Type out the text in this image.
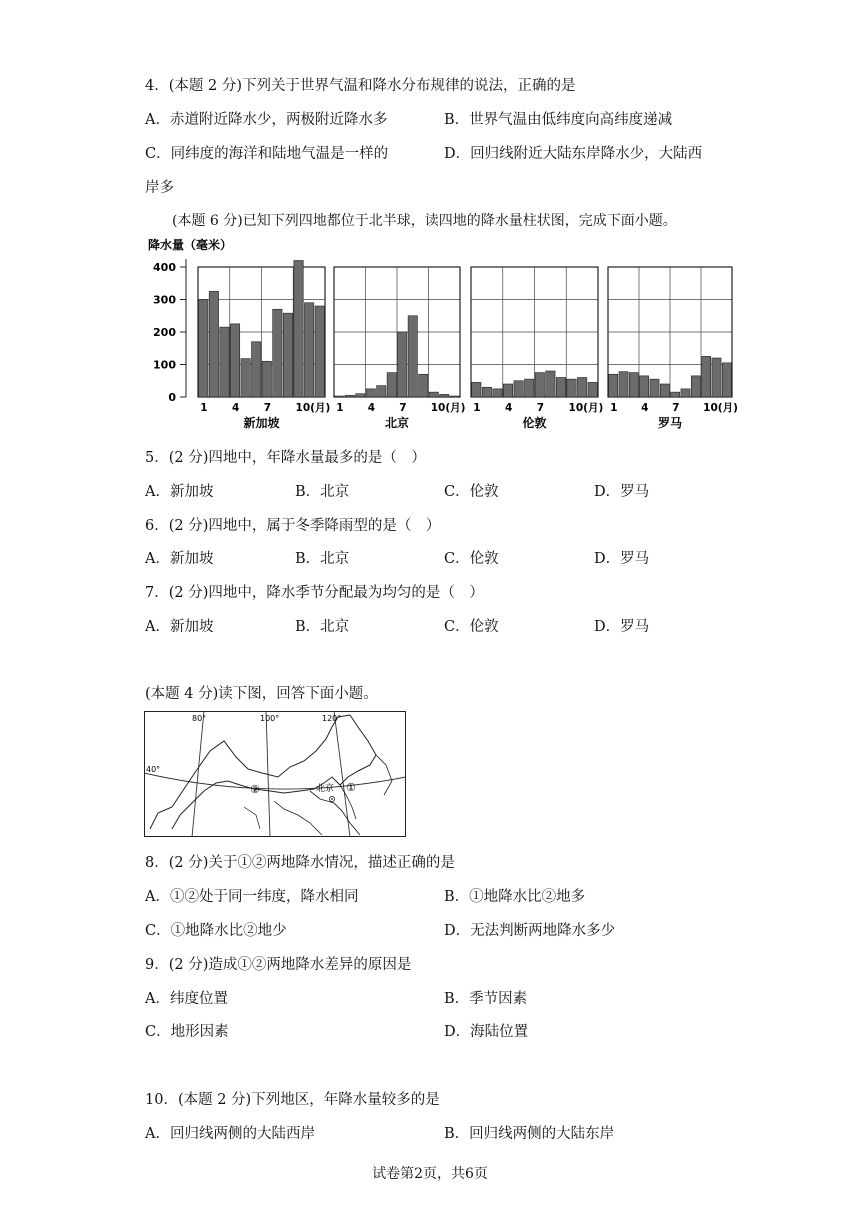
4．(本题 2 分)下列关于世界气温和降水分布规律的说法，正确的是
A．赤道附近降水少，两极附近降水多	B．世界气温由低纬度向高纬度递减
C．同纬度的海洋和陆地气温是一样的	D．回归线附近大陆东岸降水少，大陆西
岸多
(本题 6 分)已知下列四地都位于北半球，读四地的降水量柱状图，完成下面小题。
降水量（毫米）
400
300
200
100
0
1 4 7 10(月)
新加坡
1 4 7 10(月)
北京
1 4 7 10(月)
伦敦
1 4 7 10(月)
罗马
5．(2 分)四地中，年降水量最多的是（　）
A．新加坡	B．北京	C．伦敦	D．罗马
6．(2 分)四地中，属于冬季降雨型的是（　）
A．新加坡	B．北京	C．伦敦	D．罗马
7．(2 分)四地中，降水季节分配最为均匀的是（　）
A．新加坡	B．北京	C．伦敦	D．罗马
(本题 4 分)读下图，回答下面小题。
80°	100°	120°
40°
北京 ①
②
8．(2 分)关于①②两地降水情况，描述正确的是
A．①②处于同一纬度，降水相同	B．①地降水比②地多
C．①地降水比②地少	D．无法判断两地降水多少
9．(2 分)造成①②两地降水差异的原因是
A．纬度位置	B．季节因素
C．地形因素	D．海陆位置
10．(本题 2 分)下列地区，年降水量较多的是
A．回归线两侧的大陆西岸	B．回归线两侧的大陆东岸
试卷第2页，共6页
